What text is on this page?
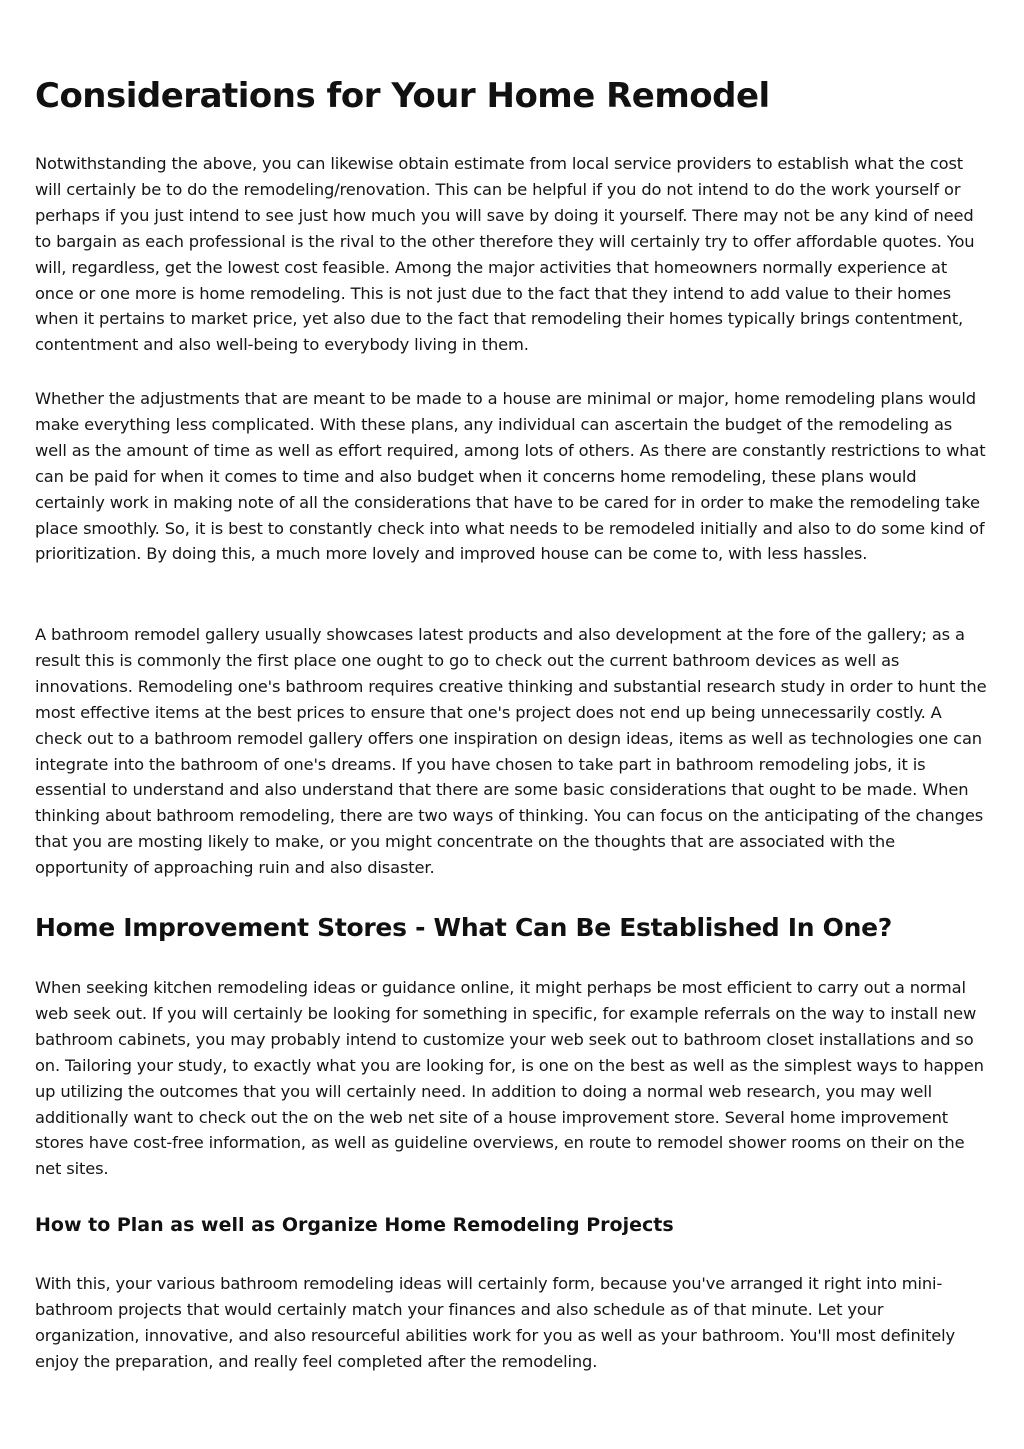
Considerations for Your Home Remodel

Notwithstanding the above, you can likewise obtain estimate from local service providers to establish what the cost will certainly be to do the remodeling/renovation. This can be helpful if you do not intend to do the work yourself or perhaps if you just intend to see just how much you will save by doing it yourself. There may not be any kind of need to bargain as each professional is the rival to the other therefore they will certainly try to offer affordable quotes. You will, regardless, get the lowest cost feasible. Among the major activities that homeowners normally experience at once or one more is home remodeling. This is not just due to the fact that they intend to add value to their homes when it pertains to market price, yet also due to the fact that remodeling their homes typically brings contentment, contentment and also well-being to everybody living in them.

Whether the adjustments that are meant to be made to a house are minimal or major, home remodeling plans would make everything less complicated. With these plans, any individual can ascertain the budget of the remodeling as well as the amount of time as well as effort required, among lots of others. As there are constantly restrictions to what can be paid for when it comes to time and also budget when it concerns home remodeling, these plans would certainly work in making note of all the considerations that have to be cared for in order to make the remodeling take place smoothly. So, it is best to constantly check into what needs to be remodeled initially and also to do some kind of prioritization. By doing this, a much more lovely and improved house can be come to, with less hassles.

A bathroom remodel gallery usually showcases latest products and also development at the fore of the gallery; as a result this is commonly the first place one ought to go to check out the current bathroom devices as well as innovations. Remodeling one's bathroom requires creative thinking and substantial research study in order to hunt the most effective items at the best prices to ensure that one's project does not end up being unnecessarily costly. A check out to a bathroom remodel gallery offers one inspiration on design ideas, items as well as technologies one can integrate into the bathroom of one's dreams. If you have chosen to take part in bathroom remodeling jobs, it is essential to understand and also understand that there are some basic considerations that ought to be made. When thinking about bathroom remodeling, there are two ways of thinking. You can focus on the anticipating of the changes that you are mosting likely to make, or you might concentrate on the thoughts that are associated with the opportunity of approaching ruin and also disaster.

Home Improvement Stores - What Can Be Established In One?

When seeking kitchen remodeling ideas or guidance online, it might perhaps be most efficient to carry out a normal web seek out. If you will certainly be looking for something in specific, for example referrals on the way to install new bathroom cabinets, you may probably intend to customize your web seek out to bathroom closet installations and so on. Tailoring your study, to exactly what you are looking for, is one on the best as well as the simplest ways to happen up utilizing the outcomes that you will certainly need. In addition to doing a normal web research, you may well additionally want to check out the on the web net site of a house improvement store. Several home improvement stores have cost-free information, as well as guideline overviews, en route to remodel shower rooms on their on the net sites.

How to Plan as well as Organize Home Remodeling Projects

With this, your various bathroom remodeling ideas will certainly form, because you've arranged it right into mini-bathroom projects that would certainly match your finances and also schedule as of that minute. Let your organization, innovative, and also resourceful abilities work for you as well as your bathroom. You'll most definitely enjoy the preparation, and really feel completed after the remodeling.
